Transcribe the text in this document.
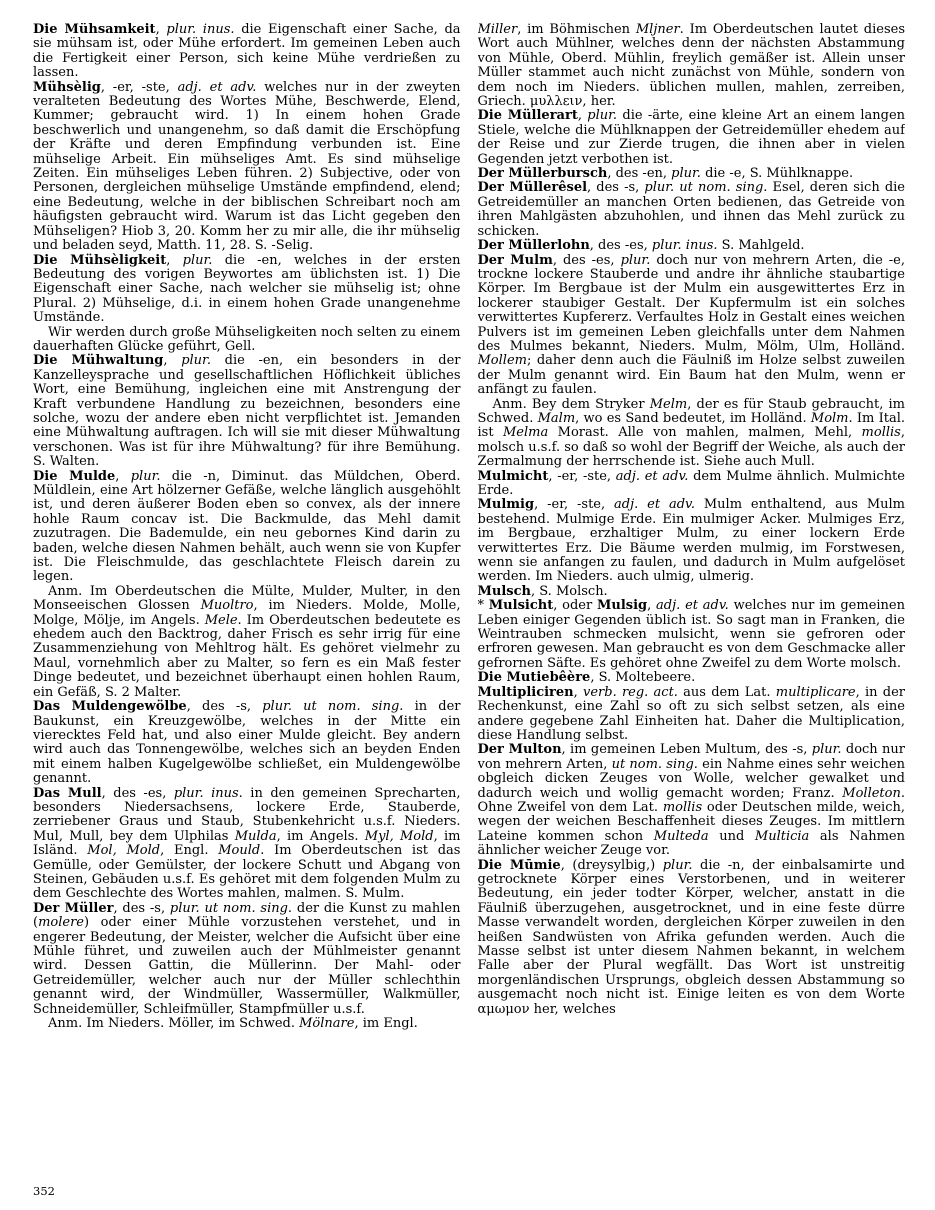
Die Mühsamkeit, plur. inus. die Eigenschaft einer Sache, da sie mühsam ist, oder Mühe erfordert. Im gemeinen Leben auch die Fertigkeit einer Person, sich keine Mühe verdrießen zu lassen.

Mühsèlig, -er, -ste, adj. et adv. welches nur in der zweyten veralteten Bedeutung des Wortes Mühe, Beschwerde, Elend, Kummer; gebraucht wird. 1) In einem hohen Grade beschwerlich und unangenehm, so daß damit die Erschöpfung der Kräfte und deren Empfindung verbunden ist. Eine mühselige Arbeit. Ein mühseliges Amt. Es sind mühselige Zeiten. Ein mühseliges Leben führen. 2) Subjective, oder von Personen, dergleichen mühselige Umstände empfindend, elend; eine Bedeutung, welche in der biblischen Schreibart noch am häufigsten gebraucht wird. Warum ist das Licht gegeben den Mühseligen? Hiob 3, 20. Komm her zu mir alle, die ihr mühselig und beladen seyd, Matth. 11, 28. S. -Selig.

Die Mühsèligkeit, plur. die -en, welches in der ersten Bedeutung des vorigen Beywortes am üblichsten ist. 1) Die Eigenschaft einer Sache, nach welcher sie mühselig ist; ohne Plural. 2) Mühselige, d.i. in einem hohen Grade unangenehme Umstände.

Wir werden durch große Mühseligkeiten noch selten zu einem dauerhaften Glücke geführt, Gell.

Die Mühwaltung, plur. die -en, ein besonders in der Kanzelleysprache und gesellschaftlichen Höflichkeit übliches Wort, eine Bemühung, ingleichen eine mit Anstrengung der Kraft verbundene Handlung zu bezeichnen, besonders eine solche, wozu der andere eben nicht verpflichtet ist. Jemanden eine Mühwaltung auftragen. Ich will sie mit dieser Mühwaltung verschonen. Was ist für ihre Mühwaltung? für ihre Bemühung. S. Walten.

Die Mulde, plur. die -n, Diminut. das Müldchen, Oberd. Müldlein, eine Art hölzerner Gefäße, welche länglich ausgehöhlt ist, und deren äußerer Boden eben so convex, als der innere hohle Raum concav ist. Die Backmulde, das Mehl damit zuzutragen. Die Bademulde, ein neu gebornes Kind darin zu baden, welche diesen Nahmen behält, auch wenn sie von Kupfer ist. Die Fleischmulde, das geschlachtete Fleisch darein zu legen.

Anm. Im Oberdeutschen die Mülte, Mulder, Multer, in den Monseeischen Glossen Muoltro, im Nieders. Molde, Molle, Molge, Mölje, im Angels. Mele. Im Oberdeutschen bedeutete es ehedem auch den Backtrog, daher Frisch es sehr irrig für eine Zusammenziehung von Mehltrog hält. Es gehöret vielmehr zu Maul, vornehmlich aber zu Malter, so fern es ein Maß fester Dinge bedeutet, und bezeichnet überhaupt einen hohlen Raum, ein Gefäß, S. 2 Malter.

Das Muldengewölbe, des -s, plur. ut nom. sing. in der Baukunst, ein Kreuzgewölbe, welches in der Mitte ein vierecktes Feld hat, und also einer Mulde gleicht. Bey andern wird auch das Tonnengewölbe, welches sich an beyden Enden mit einem halben Kugelgewölbe schließet, ein Muldengewölbe genannt.

Das Mull, des -es, plur. inus. in den gemeinen Sprecharten, besonders Niedersachsens, lockere Erde, Stauberde, zerriebener Graus und Staub, Stubenkehricht u.s.f. Nieders. Mul, Mull, bey dem Ulphilas Mulda, im Angels. Myl, Mold, im Isländ. Mol, Mold, Engl. Mould. Im Oberdeutschen ist das Gemülle, oder Gemülster, der lockere Schutt und Abgang von Steinen, Gebäuden u.s.f. Es gehöret mit dem folgenden Mulm zu dem Geschlechte des Wortes mahlen, malmen. S. Mulm.

Der Müller, des -s, plur. ut nom. sing. der die Kunst zu mahlen (molere) oder einer Mühle vorzustehen verstehet, und in engerer Bedeutung, der Meister, welcher die Aufsicht über eine Mühle führet, und zuweilen auch der Mühlmeister genannt wird. Dessen Gattin, die Müllerinn. Der Mahl- oder Getreidemüller, welcher auch nur der Müller schlechthin genannt wird, der Windmüller, Wassermüller, Walkmüller, Schneidemüller, Schleifmüller, Stampfmüller u.s.f.

Anm. Im Nieders. Möller, im Schwed. Mölnare, im Engl.

Miller, im Böhmischen Mljner. Im Oberdeutschen lautet dieses Wort auch Mühlner, welches denn der nächsten Abstammung von Mühle, Oberd. Mühlin, freylich gemäßer ist. Allein unser Müller stammet auch nicht zunächst von Mühle, sondern von dem noch im Nieders. üblichen mullen, mahlen, zerreiben, Griech. μυλλειν, her.

Die Müllerart, plur. die -ärte, eine kleine Art an einem langen Stiele, welche die Mühlknappen der Getreidemüller ehedem auf der Reise und zur Zierde trugen, die ihnen aber in vielen Gegenden jetzt verbothen ist.

Der Müllerbursch, des -en, plur. die -e, S. Mühlknappe.

Der Müllerêsel, des -s, plur. ut nom. sing. Esel, deren sich die Getreidemüller an manchen Orten bedienen, das Getreide von ihren Mahlgästen abzuhohlen, und ihnen das Mehl zurück zu schicken.

Der Müllerlohn, des -es, plur. inus. S. Mahlgeld.

Der Mulm, des -es, plur. doch nur von mehrern Arten, die -e, trockne lockere Stauberde und andre ihr ähnliche staubartige Körper. Im Bergbaue ist der Mulm ein ausgewittertes Erz in lockerer staubiger Gestalt. Der Kupfermulm ist ein solches verwittertes Kupfererz. Verfaultes Holz in Gestalt eines weichen Pulvers ist im gemeinen Leben gleichfalls unter dem Nahmen des Mulmes bekannt, Nieders. Mulm, Mölm, Ulm, Holländ. Mollem; daher denn auch die Fäulniß im Holze selbst zuweilen der Mulm genannt wird. Ein Baum hat den Mulm, wenn er anfängt zu faulen.

Anm. Bey dem Stryker Melm, der es für Staub gebraucht, im Schwed. Malm, wo es Sand bedeutet, im Holländ. Molm. Im Ital. ist Melma Morast. Alle von mahlen, malmen, Mehl, mollis, molsch u.s.f. so daß so wohl der Begriff der Weiche, als auch der Zermalmung der herrschende ist. Siehe auch Mull.

Mulmicht, -er, -ste, adj. et adv. dem Mulme ähnlich. Mulmichte Erde.

Mulmig, -er, -ste, adj. et adv. Mulm enthaltend, aus Mulm bestehend. Mulmige Erde. Ein mulmiger Acker. Mulmiges Erz, im Bergbaue, erzhaltiger Mulm, zu einer lockern Erde verwittertes Erz. Die Bäume werden mulmig, im Forstwesen, wenn sie anfangen zu faulen, und dadurch in Mulm aufgelöset werden. Im Nieders. auch ulmig, ulmerig.

Mulsch, S. Molsch.

* Mulsicht, oder Mulsig, adj. et adv. welches nur im gemeinen Leben einiger Gegenden üblich ist. So sagt man in Franken, die Weintrauben schmecken mulsicht, wenn sie gefroren oder erfroren gewesen. Man gebraucht es von dem Geschmacke aller gefrornen Säfte. Es gehöret ohne Zweifel zu dem Worte molsch.

Die Mutiebêère, S. Moltebeere.

Multipliciren, verb. reg. act. aus dem Lat. multiplicare, in der Rechenkunst, eine Zahl so oft zu sich selbst setzen, als eine andere gegebene Zahl Einheiten hat. Daher die Multiplication, diese Handlung selbst.

Der Multon, im gemeinen Leben Multum, des -s, plur. doch nur von mehrern Arten, ut nom. sing. ein Nahme eines sehr weichen obgleich dicken Zeuges von Wolle, welcher gewalket und dadurch weich und wollig gemacht worden; Franz. Molleton. Ohne Zweifel von dem Lat. mollis oder Deutschen milde, weich, wegen der weichen Beschaffenheit dieses Zeuges. Im mittlern Lateine kommen schon Multeda und Multicia als Nahmen ähnlicher weicher Zeuge vor.

Die Mūmie, (dreysylbig,) plur. die -n, der einbalsamirte und getrocknete Körper eines Verstorbenen, und in weiterer Bedeutung, ein jeder todter Körper, welcher, anstatt in die Fäulniß überzugehen, ausgetrocknet, und in eine feste dürre Masse verwandelt worden, dergleichen Körper zuweilen in den heißen Sandwüsten von Afrika gefunden werden. Auch die Masse selbst ist unter diesem Nahmen bekannt, in welchem Falle aber der Plural wegfällt. Das Wort ist unstreitig morgenländischen Ursprungs, obgleich dessen Abstammung so ausgemacht noch nicht ist. Einige leiten es von dem Worte αμωμον her, welches

352
